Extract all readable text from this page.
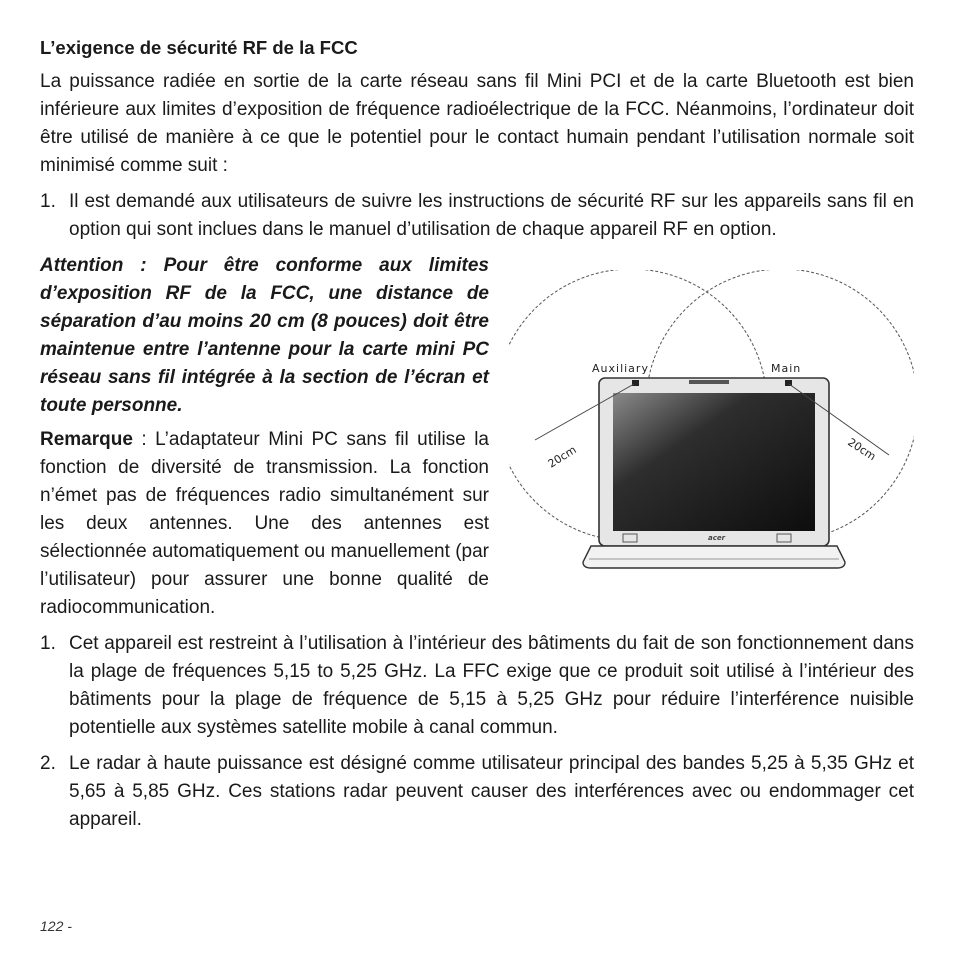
L’exigence de sécurité RF de la FCC

La puissance radiée en sortie de la carte réseau sans fil Mini PCI et de la carte Bluetooth est bien inférieure aux limites d’exposition de fréquence radioélectrique de la FCC. Néanmoins, l’ordinateur doit être utilisé de manière à ce que le potentiel pour le contact humain pendant l’utilisation normale soit minimisé comme suit :

1. Il est demandé aux utilisateurs de suivre les instructions de sécurité RF sur les appareils sans fil en option qui sont inclues dans le manuel d’utilisation de chaque appareil RF en option.
Auxiliary	Main
20cm	20cm
acer

Attention : Pour être conforme aux limites d’exposition RF de la FCC, une distance de séparation d’au moins 20 cm (8 pouces) doit être maintenue entre l’antenne pour la carte mini PC réseau sans fil intégrée à la section de l’écran et toute personne.

Remarque : L’adaptateur Mini PC sans fil utilise la fonction de diversité de transmission. La fonction n’émet pas de fréquences radio simultanément sur les deux antennes. Une des antennes est sélectionnée automatiquement ou manuellement (par l’utilisateur) pour assurer une bonne qualité de radiocommunication.

1. Cet appareil est restreint à l’utilisation à l’intérieur des bâtiments du fait de son fonctionnement dans la plage de fréquences 5,15 to 5,25 GHz. La FFC exige que ce produit soit utilisé à l’intérieur des bâtiments pour la plage de fréquence de 5,15 à 5,25 GHz pour réduire l’interférence nuisible potentielle aux systèmes satellite mobile à canal commun.
2. Le radar à haute puissance est désigné comme utilisateur principal des bandes 5,25 à 5,35 GHz et 5,65 à 5,85 GHz. Ces stations radar peuvent causer des interférences avec ou endommager cet appareil.
122 -
